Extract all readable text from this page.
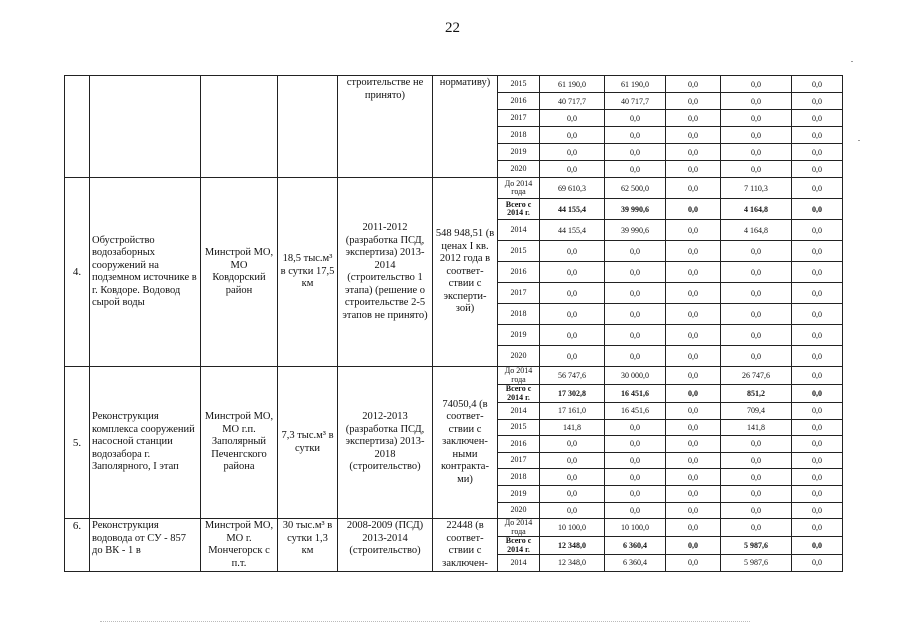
22
				строительстве не принято)	нормативу)	2015	61 190,0	61 190,0	0,0	0,0	0,0
						2016	40 717,7	40 717,7	0,0	0,0	0,0
						2017	0,0	0,0	0,0	0,0	0,0
						2018	0,0	0,0	0,0	0,0	0,0
						2019	0,0	0,0	0,0	0,0	0,0
						2020	0,0	0,0	0,0	0,0	0,0
4.	Обустройство водозаборных сооружений на подземном источнике в г. Ковдоре. Водовод сырой воды	Минстрой МО, МО Ковдорский район	18,5 тыс.м³ в сутки 17,5 км	2011-2012 (разработка ПСД, экспертиза) 2013-2014 (строительство 1 этапа) (решение о строительстве 2-5 этапов не принято)	548 948,51 (в ценах I кв. 2012 года в соответ-ствии с эксперти-зой)	До 2014 года	69 610,3	62 500,0	0,0	7 110,3	0,0
						Всего с 2014 г.	44 155,4	39 990,6	0,0	4 164,8	0,0
						2014	44 155,4	39 990,6	0,0	4 164,8	0,0
						2015	0,0	0,0	0,0	0,0	0,0
						2016	0,0	0,0	0,0	0,0	0,0
						2017	0,0	0,0	0,0	0,0	0,0
						2018	0,0	0,0	0,0	0,0	0,0
						2019	0,0	0,0	0,0	0,0	0,0
						2020	0,0	0,0	0,0	0,0	0,0
5.	Реконструкция комплекса сооружений насосной станции водозабора г. Заполярного, I этап	Минстрой МО, МО г.п. Заполярный Печенгского района	7,3 тыс.м³ в сутки	2012-2013 (разработка ПСД, экспертиза) 2013-2018 (строительство)	74050,4 (в соответ-ствии с заключен-ными контракта-ми)	До 2014 года	56 747,6	30 000,0	0,0	26 747,6	0,0
						Всего с 2014 г.	17 302,8	16 451,6	0,0	851,2	0,0
						2014	17 161,0	16 451,6	0,0	709,4	0,0
						2015	141,8	0,0	0,0	141,8	0,0
						2016	0,0	0,0	0,0	0,0	0,0
						2017	0,0	0,0	0,0	0,0	0,0
						2018	0,0	0,0	0,0	0,0	0,0
						2019	0,0	0,0	0,0	0,0	0,0
						2020	0,0	0,0	0,0	0,0	0,0
6.	Реконструкция водовода от СУ - 857 до ВК - 1 в	Минстрой МО, МО г. Мончегорск с п.т.	30 тыс.м³ в сутки 1,3 км	2008-2009 (ПСД) 2013-2014 (строительство)	22448 (в соответ-ствии с заключен-	До 2014 года	10 100,0	10 100,0	0,0	0,0	0,0
						Всего с 2014 г.	12 348,0	6 360,4	0,0	5 987,6	0,0
						2014	12 348,0	6 360,4	0,0	5 987,6	0,0
